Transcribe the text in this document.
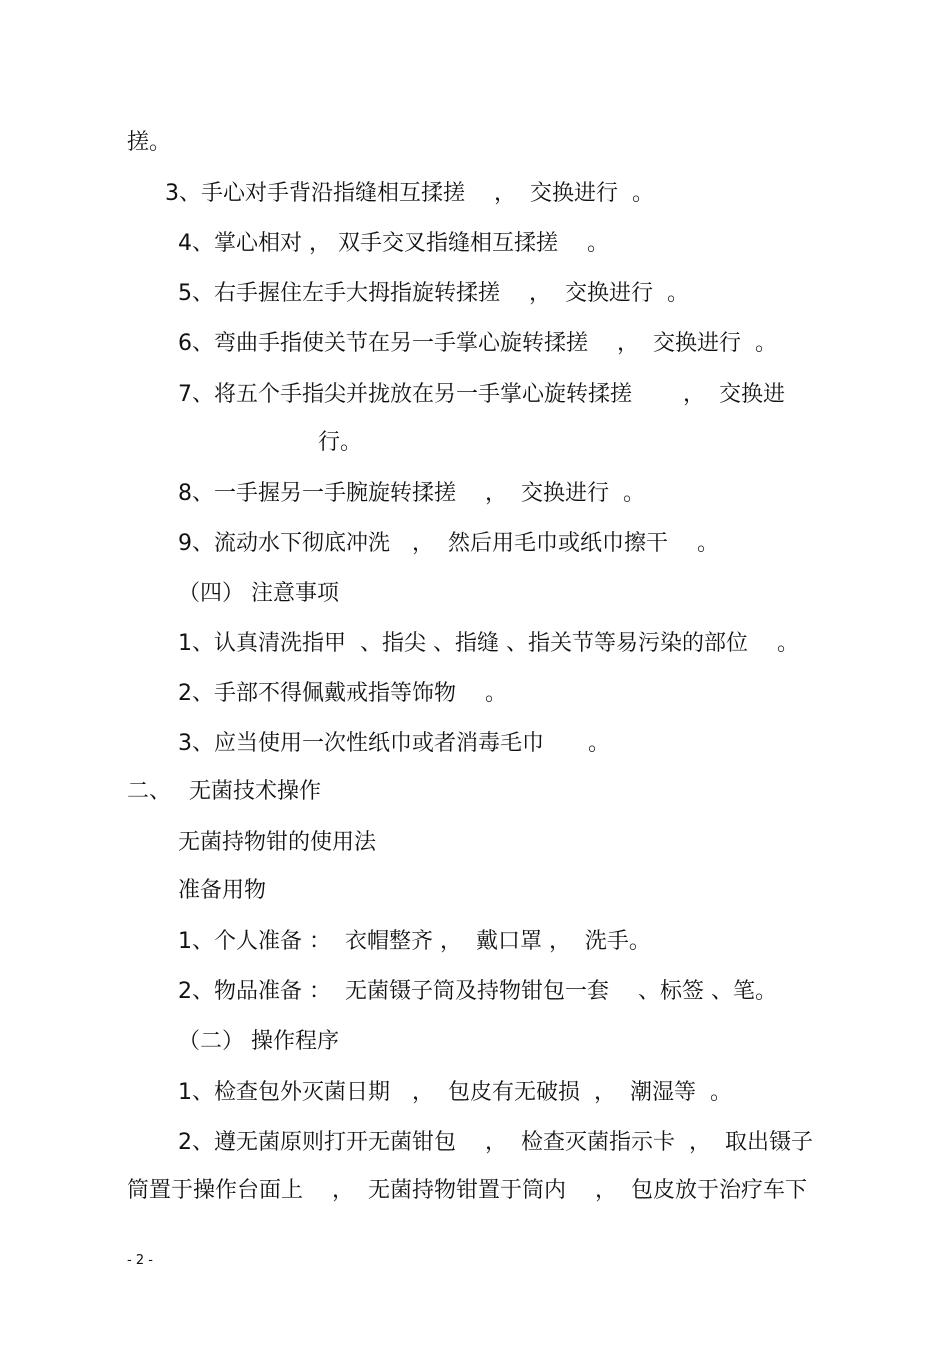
搓。
3、手心对手背沿指缝相互揉搓　 ，  交换进行  。
4、掌心相对 ， 双手交叉指缝相互揉搓　 。
5、右手握住左手大拇指旋转揉搓　 ，  交换进行  。
6、弯曲手指使关节在另一手掌心旋转揉搓　 ，  交换进行  。
7、将五个手指尖并拢放在另一手掌心旋转揉搓　　 ，  交换进
行。
8、一手握另一手腕旋转揉搓　 ，  交换进行  。
9、流动水下彻底冲洗　，  然后用毛巾或纸巾擦干　 。
（四） 注意事项
1、认真清洗指甲  、指尖 、指缝 、指关节等易污染的部位　 。
2、手部不得佩戴戒指等饰物　 。
3、应当使用一次性纸巾或者消毒毛巾　　。
二、　 无菌技术操作
无菌持物钳的使用法
准备用物
1、个人准备 ：  衣帽整齐 ，  戴口罩 ，  洗手。
2、物品准备 ：  无菌镊子筒及持物钳包一套　 、标签 、笔。
（二） 操作程序
1、检查包外灭菌日期　，  包皮有无破损  ，  潮湿等  。
2、遵无菌原则打开无菌钳包　 ，  检查灭菌指示卡  ，  取出镊子
筒置于操作台面上　 ，  无菌持物钳置于筒内　 ，  包皮放于治疗车下
- 2 -
